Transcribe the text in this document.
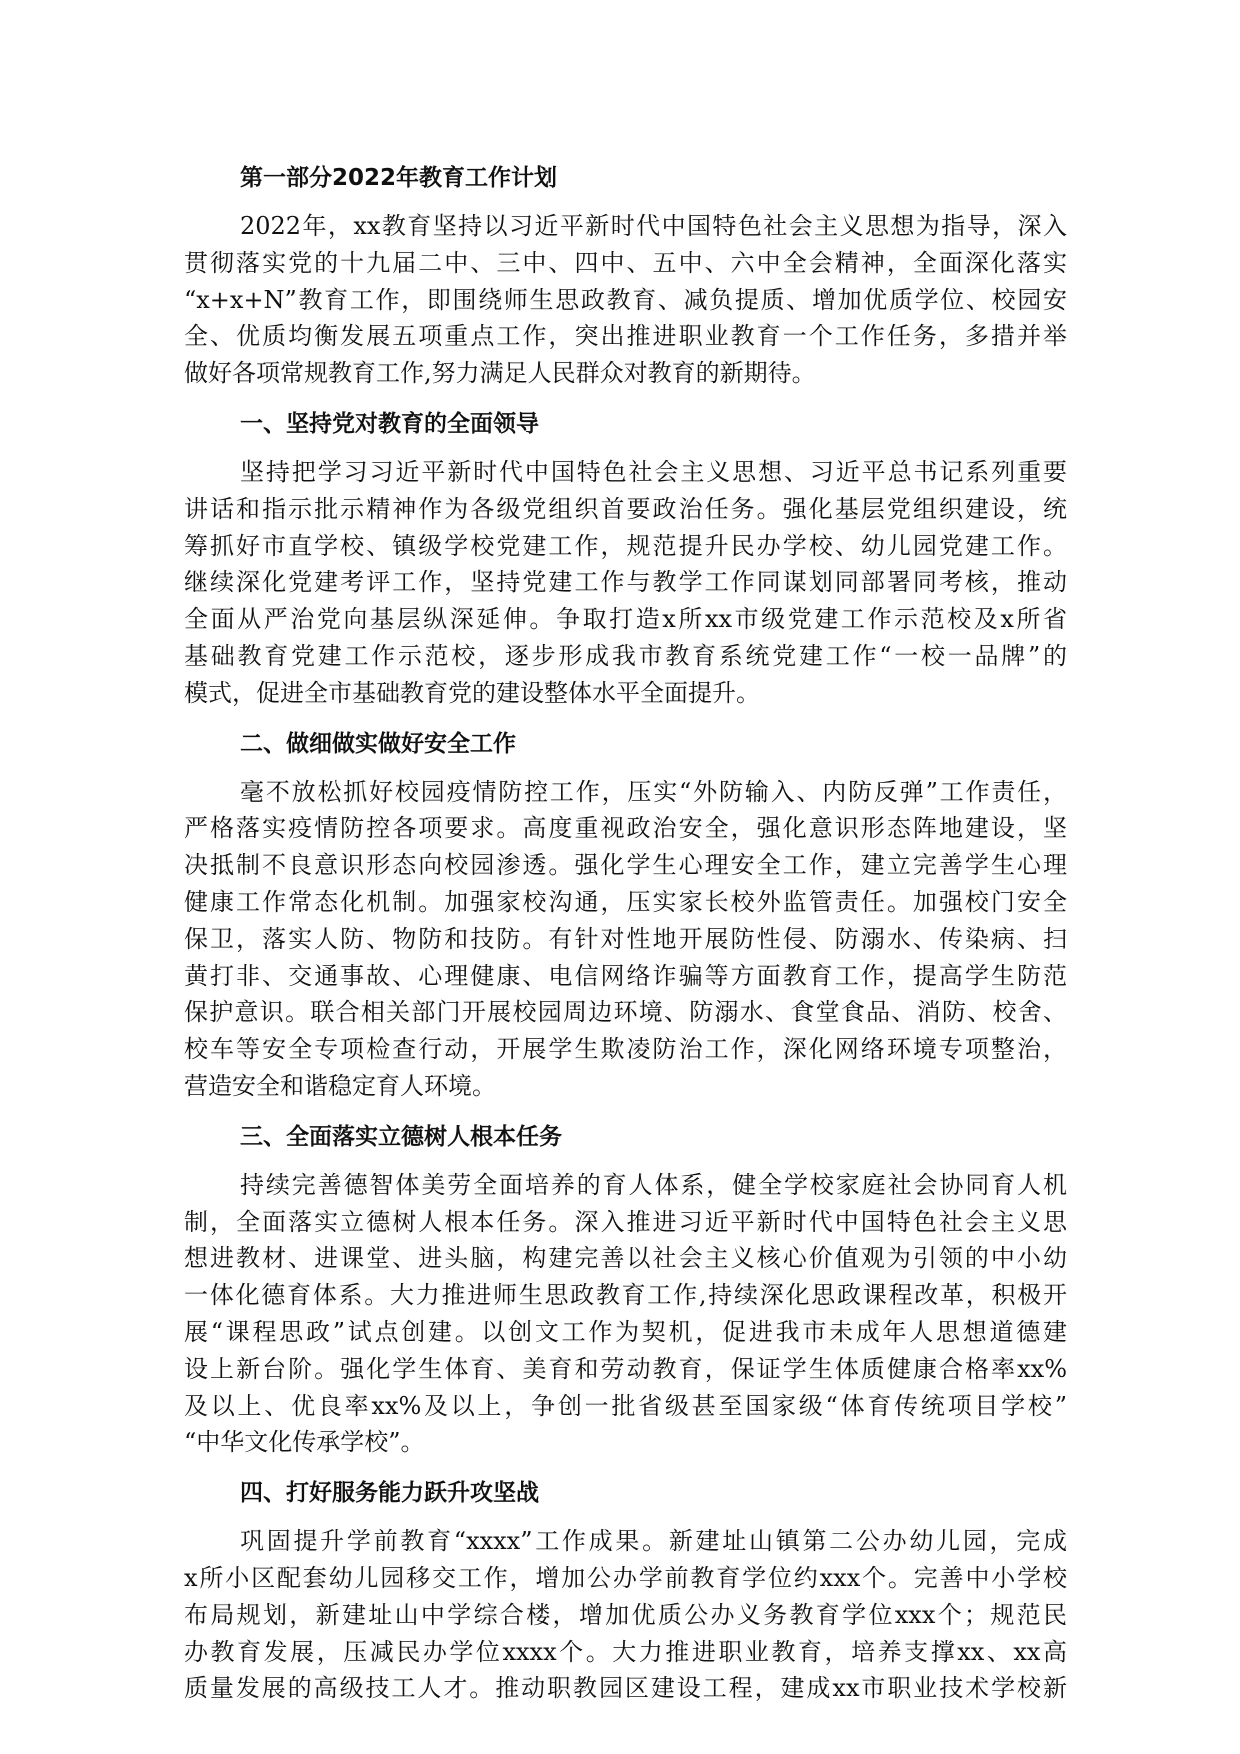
第一部分2022年教育工作计划
2022年，xx教育坚持以习近平新时代中国特色社会主义思想为指导，深入
贯彻落实党的十九届二中、三中、四中、五中、六中全会精神，全面深化落实
“x+x+N”教育工作，即围绕师生思政教育、减负提质、增加优质学位、校园安
全、优质均衡发展五项重点工作，突出推进职业教育一个工作任务，多措并举
做好各项常规教育工作,努力满足人民群众对教育的新期待。
一、坚持党对教育的全面领导
坚持把学习习近平新时代中国特色社会主义思想、习近平总书记系列重要
讲话和指示批示精神作为各级党组织首要政治任务。强化基层党组织建设，统
筹抓好市直学校、镇级学校党建工作，规范提升民办学校、幼儿园党建工作。
继续深化党建考评工作，坚持党建工作与教学工作同谋划同部署同考核，推动
全面从严治党向基层纵深延伸。争取打造x所xx市级党建工作示范校及x所省
基础教育党建工作示范校，逐步形成我市教育系统党建工作“一校一品牌”的
模式，促进全市基础教育党的建设整体水平全面提升。
二、做细做实做好安全工作
毫不放松抓好校园疫情防控工作，压实“外防输入、内防反弹”工作责任，
严格落实疫情防控各项要求。高度重视政治安全，强化意识形态阵地建设，坚
决抵制不良意识形态向校园渗透。强化学生心理安全工作，建立完善学生心理
健康工作常态化机制。加强家校沟通，压实家长校外监管责任。加强校门安全
保卫，落实人防、物防和技防。有针对性地开展防性侵、防溺水、传染病、扫
黄打非、交通事故、心理健康、电信网络诈骗等方面教育工作，提高学生防范
保护意识。联合相关部门开展校园周边环境、防溺水、食堂食品、消防、校舍、
校车等安全专项检查行动，开展学生欺凌防治工作，深化网络环境专项整治，
营造安全和谐稳定育人环境。
三、全面落实立德树人根本任务
持续完善德智体美劳全面培养的育人体系，健全学校家庭社会协同育人机
制，全面落实立德树人根本任务。深入推进习近平新时代中国特色社会主义思
想进教材、进课堂、进头脑，构建完善以社会主义核心价值观为引领的中小幼
一体化德育体系。大力推进师生思政教育工作,持续深化思政课程改革，积极开
展“课程思政”试点创建。以创文工作为契机，促进我市未成年人思想道德建
设上新台阶。强化学生体育、美育和劳动教育，保证学生体质健康合格率xx%
及以上、优良率xx%及以上，争创一批省级甚至国家级“体育传统项目学校”
“中华文化传承学校”。
四、打好服务能力跃升攻坚战
巩固提升学前教育“xxxx”工作成果。新建址山镇第二公办幼儿园，完成
x所小区配套幼儿园移交工作，增加公办学前教育学位约xxx个。完善中小学校
布局规划，新建址山中学综合楼，增加优质公办义务教育学位xxx个；规范民
办教育发展，压减民办学位xxxx个。大力推进职业教育，培养支撑xx、xx高
质量发展的高级技工人才。推动职教园区建设工程，建成xx市职业技术学校新
